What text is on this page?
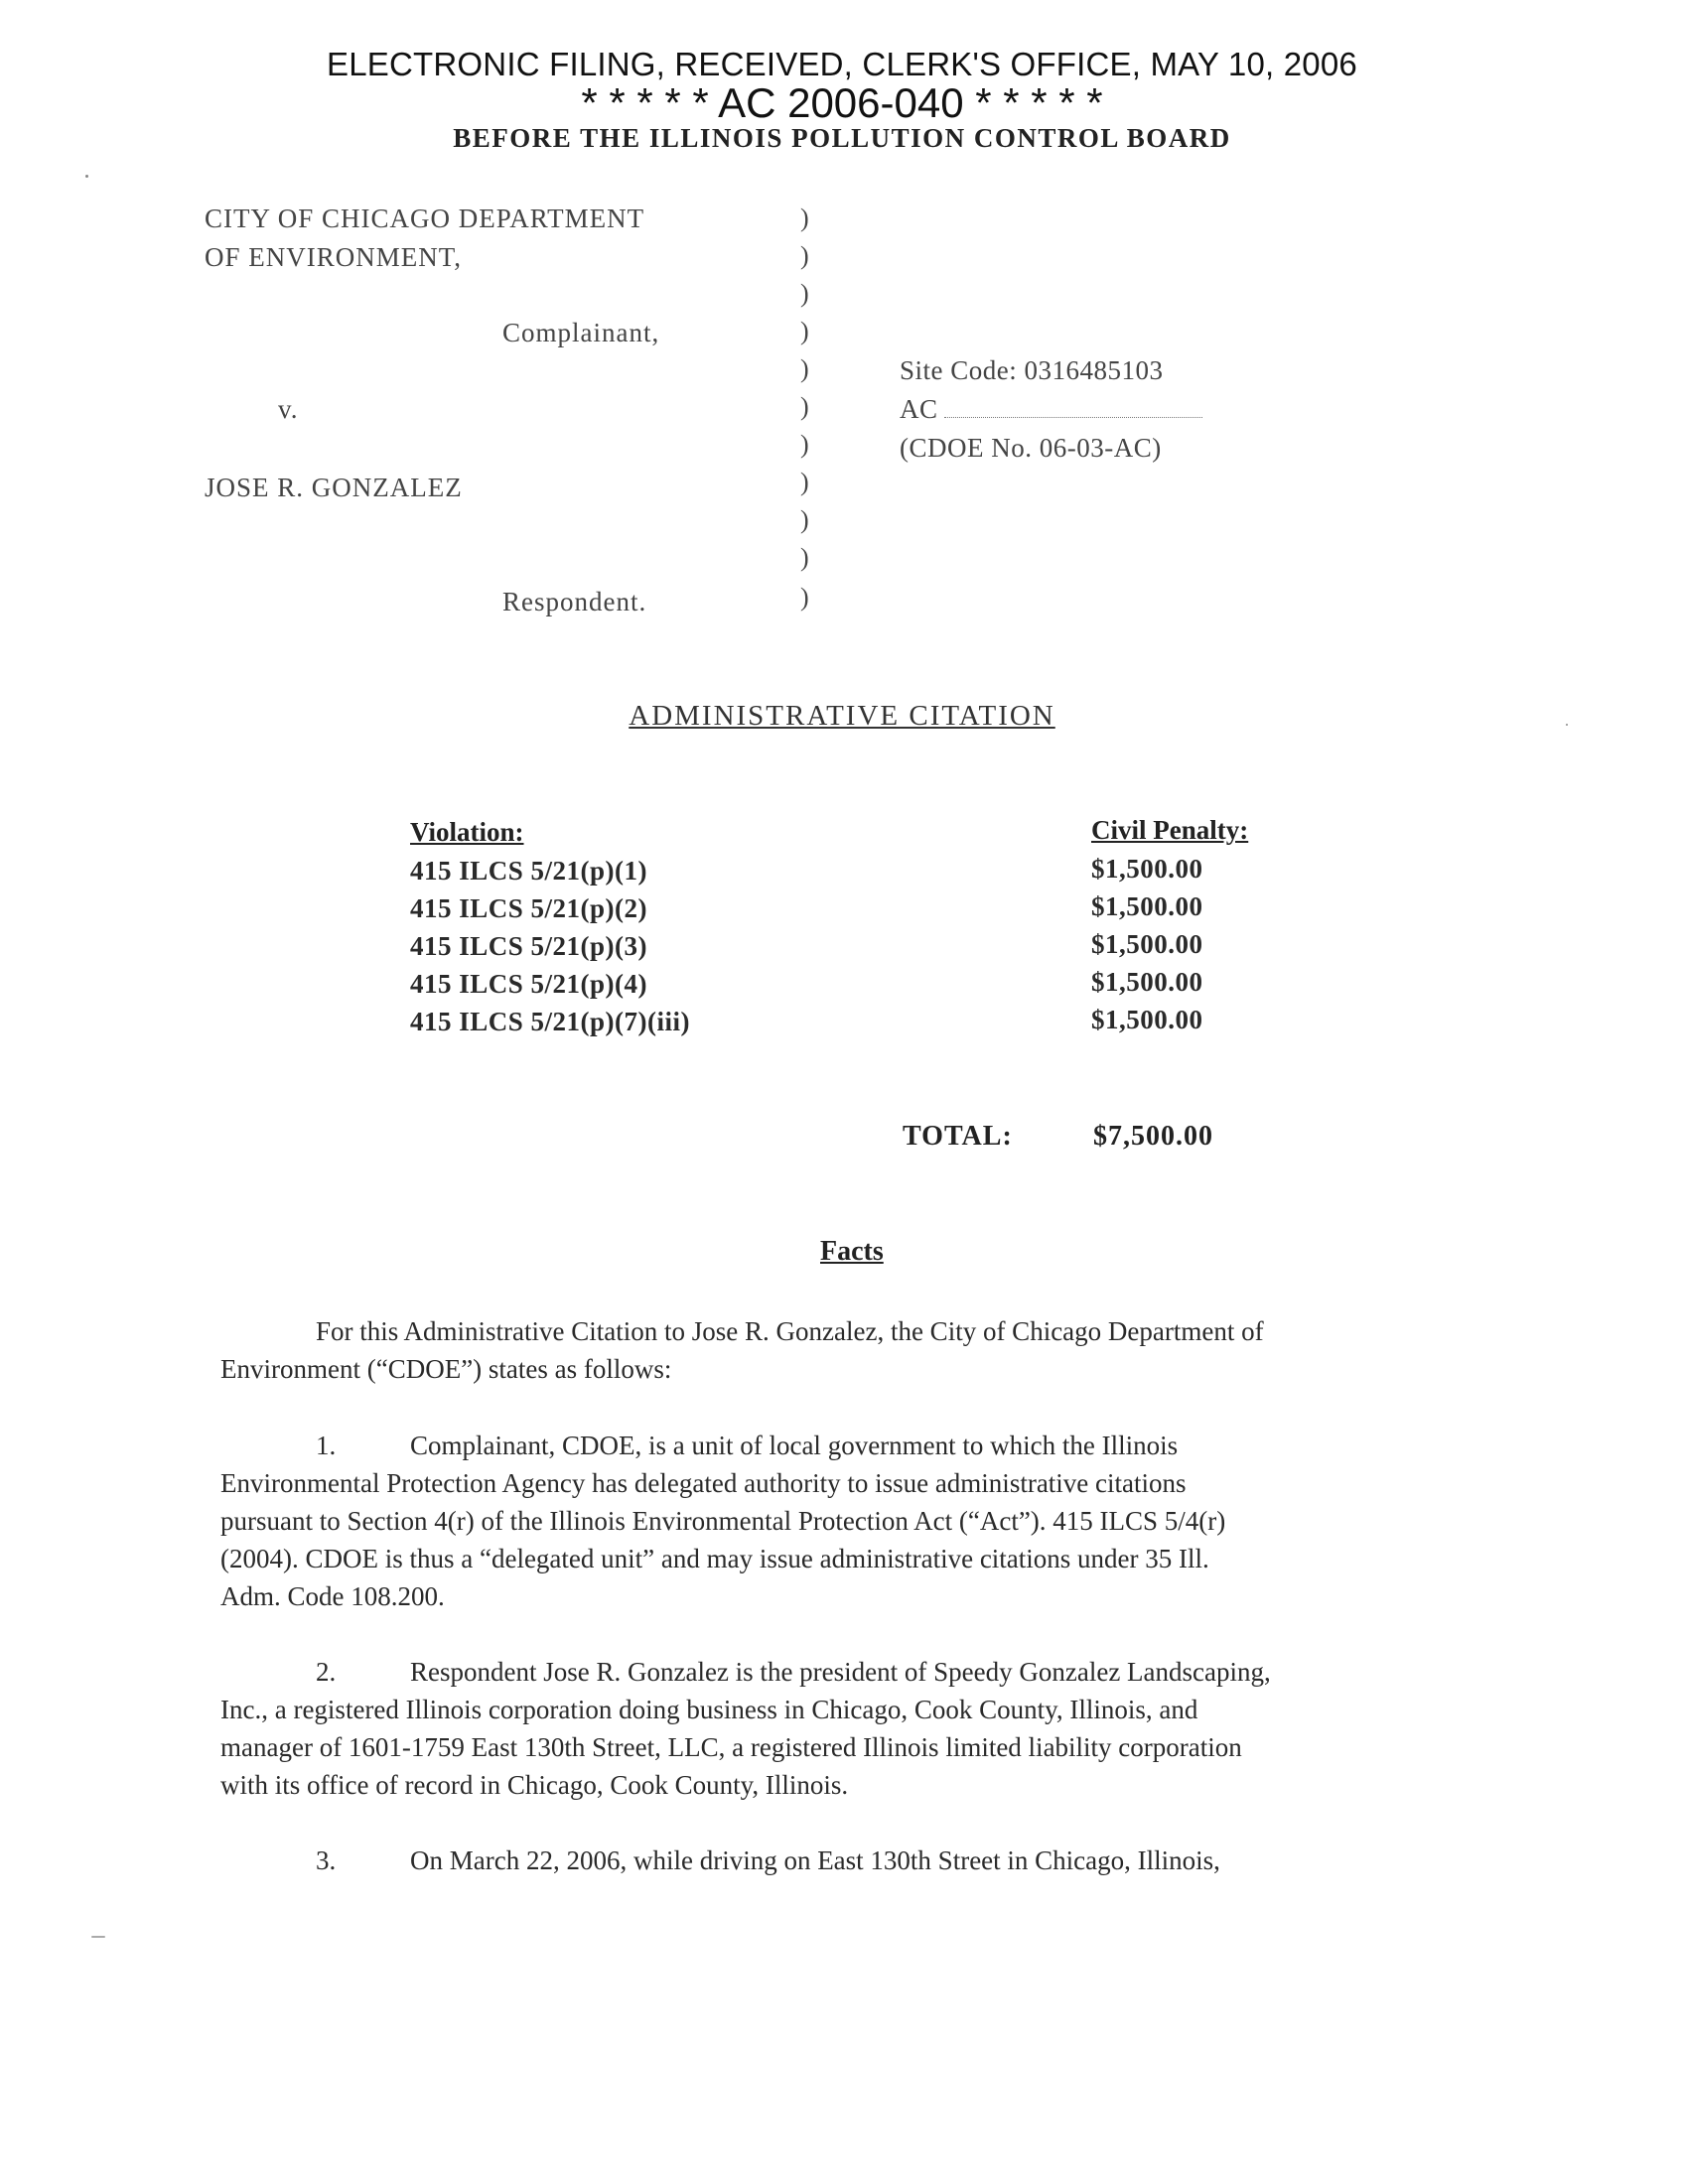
ELECTRONIC FILING, RECEIVED, CLERK'S OFFICE, MAY 10, 2006
* * * * * AC 2006-040 * * * * *
BEFORE THE ILLINOIS POLLUTION CONTROL BOARD
CITY OF CHICAGO DEPARTMENT
OF ENVIRONMENT,
Complainant,
v.
JOSE R. GONZALEZ
Respondent.
)
)
)
)
)
)
)
)
)
)
)
Site Code: 0316485103
AC
(CDOE No. 06-03-AC)
ADMINISTRATIVE CITATION
Violation:	Civil Penalty:
415 ILCS 5/21(p)(1)	$1,500.00
415 ILCS 5/21(p)(2)	$1,500.00
415 ILCS 5/21(p)(3)	$1,500.00
415 ILCS 5/21(p)(4)	$1,500.00
415 ILCS 5/21(p)(7)(iii)	$1,500.00
TOTAL:	$7,500.00
Facts
For this Administrative Citation to Jose R. Gonzalez, the City of Chicago Department of
Environment (“CDOE”) states as follows:
1.	Complainant, CDOE, is a unit of local government to which the Illinois
Environmental Protection Agency has delegated authority to issue administrative citations
pursuant to Section 4(r) of the Illinois Environmental Protection Act (“Act”). 415 ILCS 5/4(r)
(2004). CDOE is thus a “delegated unit” and may issue administrative citations under 35 Ill.
Adm. Code 108.200.
2.	Respondent Jose R. Gonzalez is the president of Speedy Gonzalez Landscaping,
Inc., a registered Illinois corporation doing business in Chicago, Cook County, Illinois, and
manager of 1601-1759 East 130th Street, LLC, a registered Illinois limited liability corporation
with its office of record in Chicago, Cook County, Illinois.
3.	On March 22, 2006, while driving on East 130th Street in Chicago, Illinois,
